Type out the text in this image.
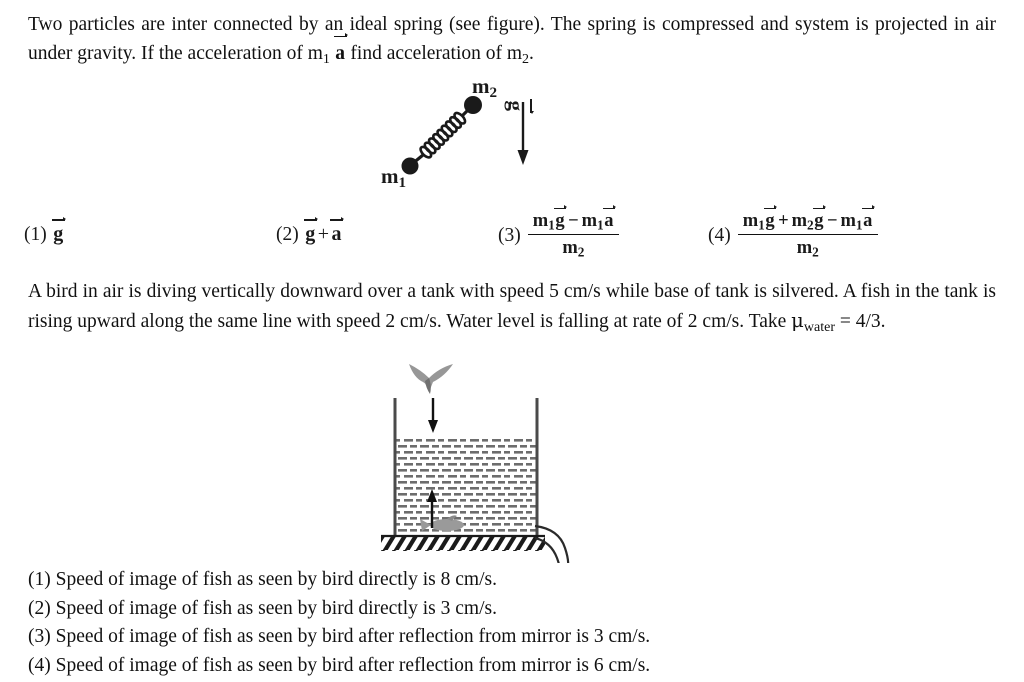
Two particles are inter connected by an ideal spring (see figure). The spring is compressed and system is projected in air under gravity. If the acceleration of $m_1$ a find acceleration of $m_2$.
$m_1$
$m_2$
g
(1) g	(2) g + a	$(3) \frac{m_1g - m_1a}{m_2}$	$(4) \frac{m_1g + m_2g - m_1a}{m_2}$
A bird in air is diving vertically downward over a tank with speed 5 cm/s while base of tank is silvered. A fish in the tank is rising upward along the same line with speed 2 cm/s. Water level is falling at rate of 2 cm/s. Take $\mu_{water} = 4/3$.
(1) Speed of image of fish as seen by bird directly is 8 cm/s.
(2) Speed of image of fish as seen by bird directly is 3 cm/s.
(3) Speed of image of fish as seen by bird after reflection from mirror is 3 cm/s.
(4) Speed of image of fish as seen by bird after reflection from mirror is 6 cm/s.
